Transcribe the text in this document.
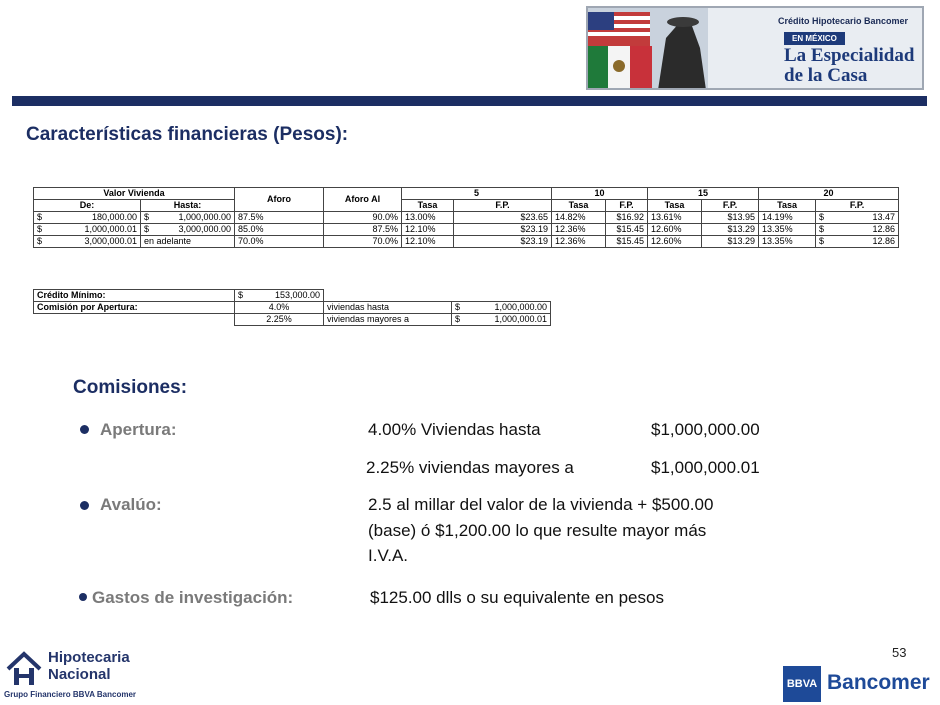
Crédito Hipotecario Bancomer
EN MÉXICO
La Especialidad
de la Casa
Características financieras (Pesos):
Valor Vivienda		Aforo	Aforo Al	5		10		15		20	
De:	Hasta:			Tasa	F.P.	Tasa	F.P.	Tasa	F.P.	Tasa	F.P.

$ 180,000.00	$ 1,000,000.00	87.5%	90.0%	13.00%	$23.65	14.82%	$16.92	13.61%	$13.95	14.19%	$ 13.47

$ 1,000,000.01	$ 3,000,000.00	85.0%	87.5%	12.10%	$23.19	12.36%	$15.45	12.60%	$13.29	13.35%	$ 12.86

$ 3,000,000.01	en adelante	70.0%	70.0%	12.10%	$23.19	12.36%	$15.45	12.60%	$13.29	13.35%	$ 12.86
Crédito Mínimo:	$ 153,000.00		

Comisión por Apertura:	4.0%	viviendas hasta	$ 1,000,000.00

	2.25%	viviendas mayores a	$ 1,000,000.01
Comisiones:
Apertura:	4.00% Viviendas hasta	$1,000,000.00
2.25% viviendas mayores a	$1,000,000.01
Avalúo:	2.5 al millar del valor de la vivienda + $500.00
(base) ó $1,200.00 lo que resulte mayor más
I.V.A.
Gastos de investigación:	$125.00 dlls o su equivalente en pesos
53
Hipotecaria
Nacional
Grupo Financiero BBVA Bancomer
BBVA Bancomer
